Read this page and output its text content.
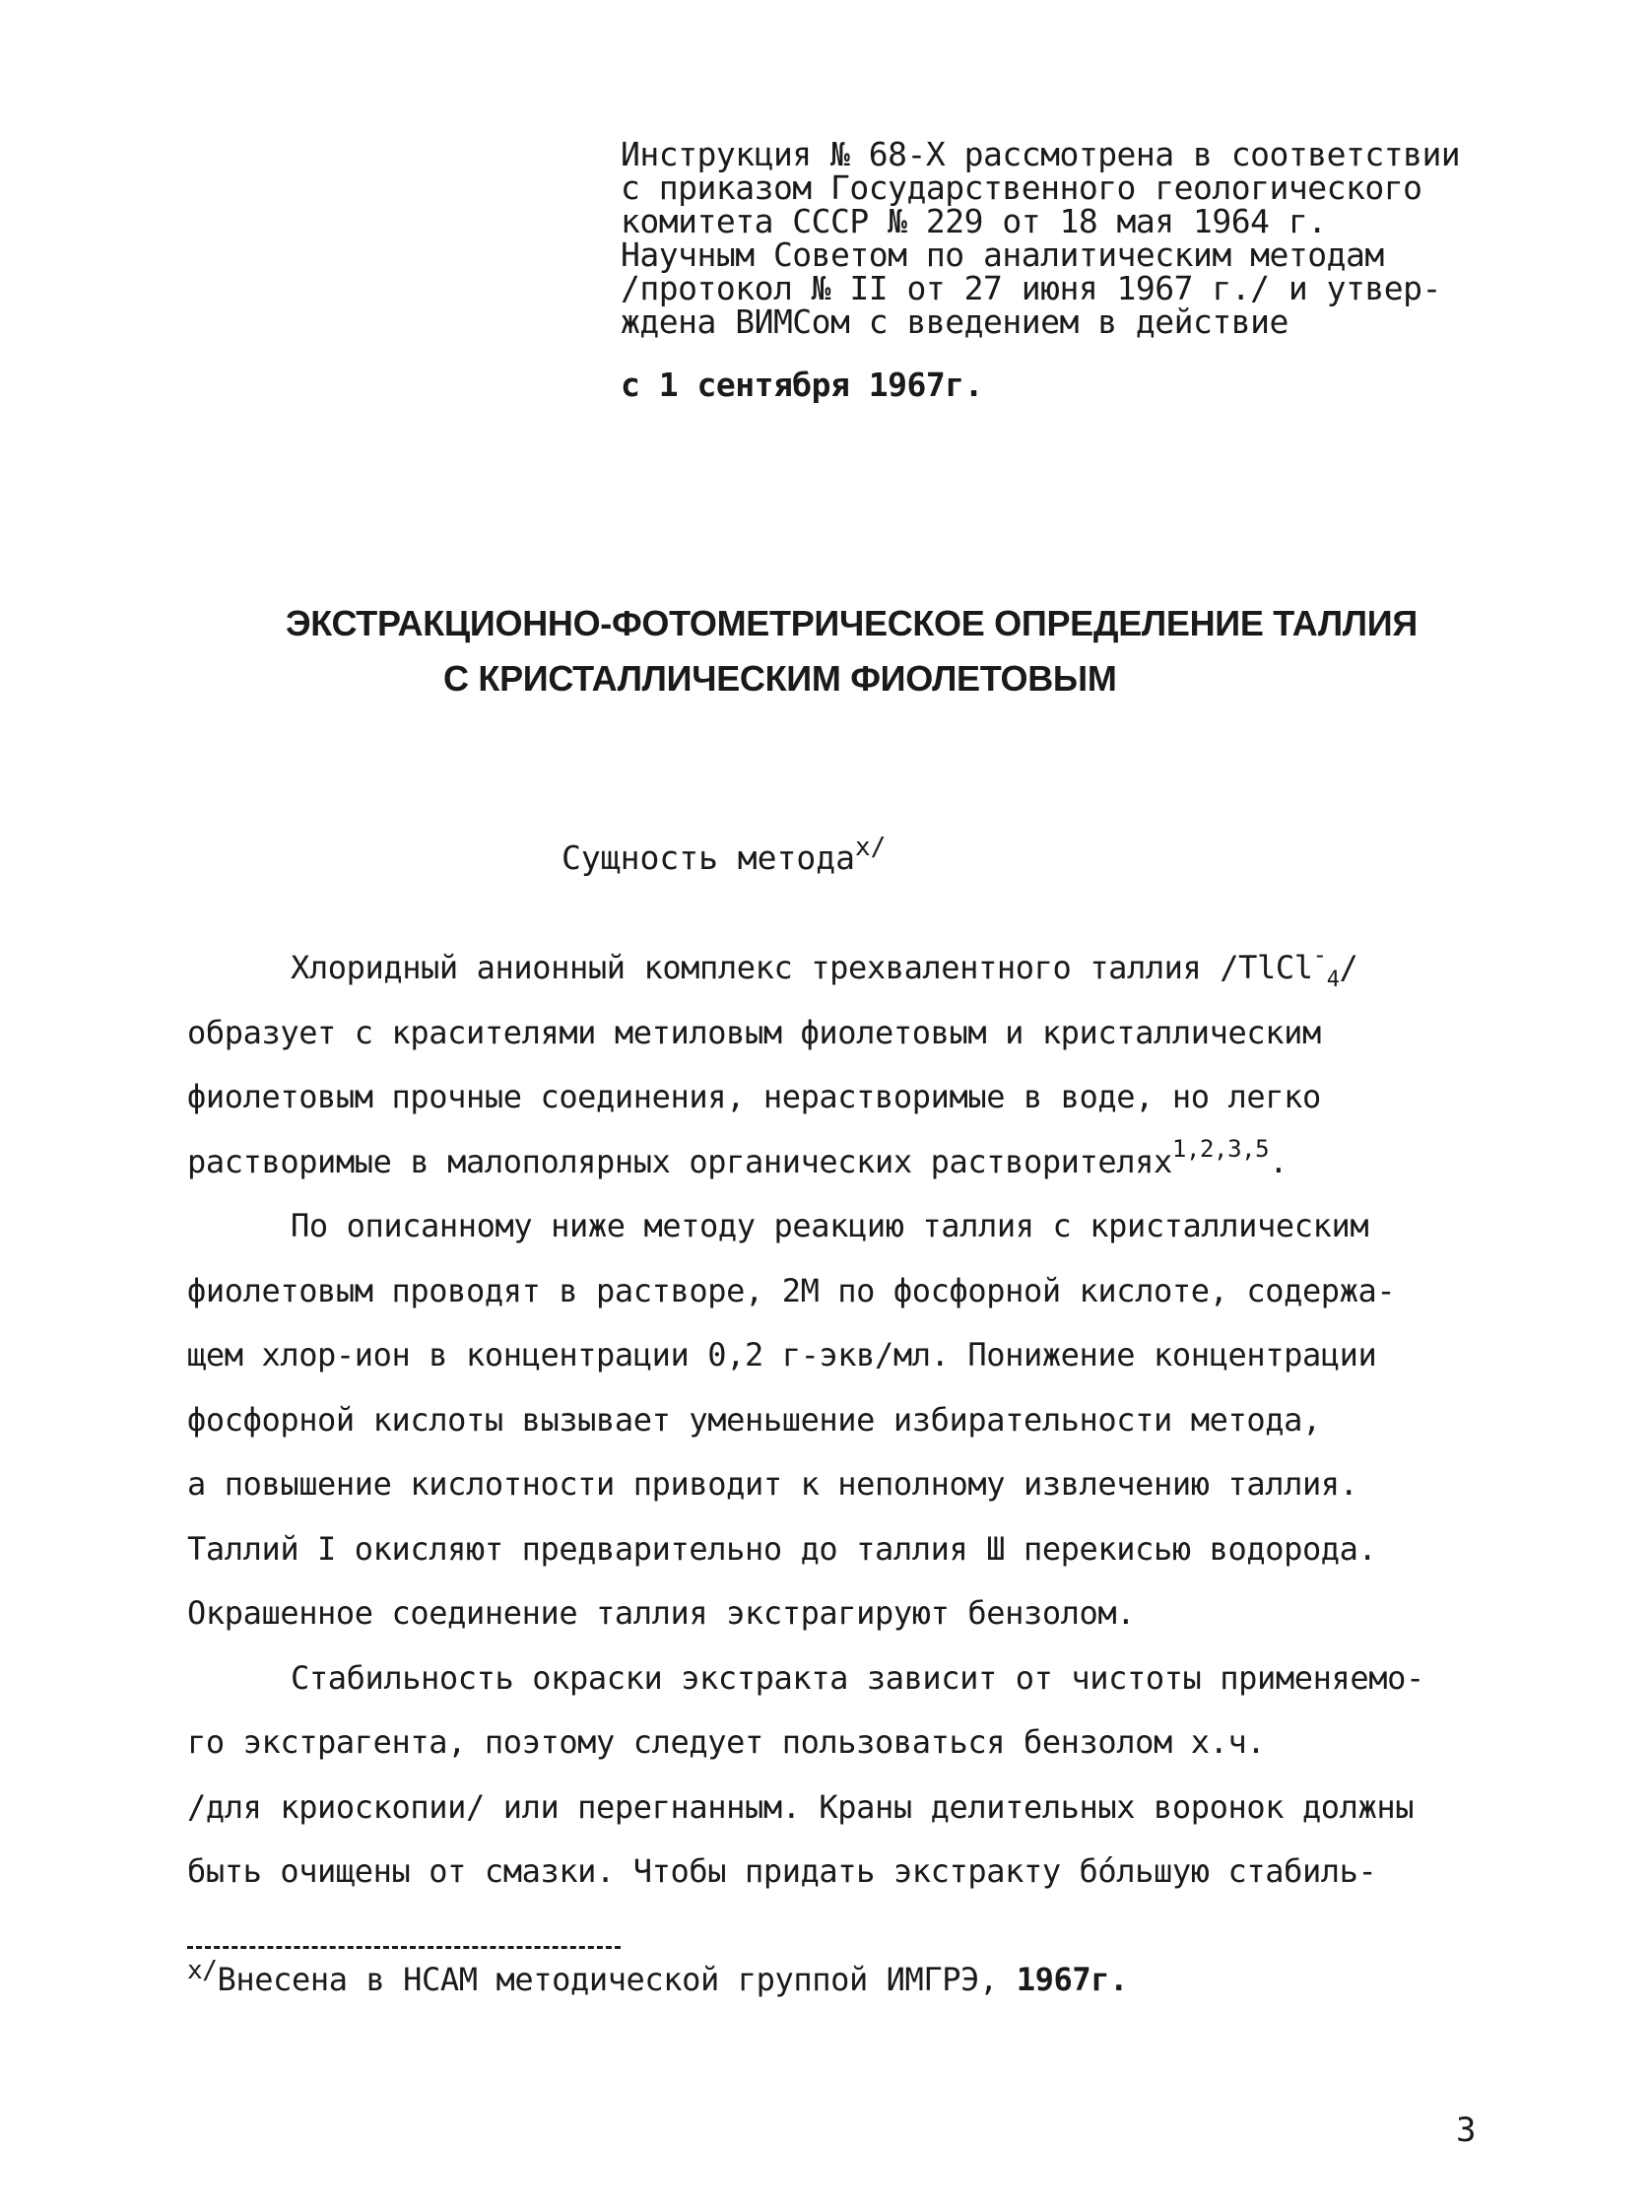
Инструкция № 68-Х рассмотрена в соответствии
с приказом Государственного геологического
комитета СССР № 229 от 18 мая 1964 г.
Научным Советом по аналитическим методам
/протокол № II от 27 июня 1967 г./ и утвер-
ждена ВИМСом с введением в действие
с 1 сентября 1967г.
ЭКСТРАКЦИОННО-ФОТОМЕТРИЧЕСКОЕ ОПРЕДЕЛЕНИЕ ТАЛЛИЯ
С КРИСТАЛЛИЧЕСКИМ ФИОЛЕТОВЫМ
Сущность метода$^{x/}$
Хлоридный анионный комплекс трехвалентного таллия /TlCl-$_4$/
образует с красителями метиловым фиолетовым и кристаллическим
фиолетовым прочные соединения, нерастворимые в воде, но легко
растворимые в малополярных органических растворителях$^{1,2,3,5}$.
По описанному ниже методу реакцию таллия с кристаллическим
фиолетовым проводят в растворе, 2М по фосфорной кислоте, содержа-
щем хлор-ион в концентрации 0,2 г-экв/мл. Понижение концентрации
фосфорной кислоты вызывает уменьшение избирательности метода,
а повышение кислотности приводит к неполному извлечению таллия.
Таллий I окисляют предварительно до таллия Ш перекисью водорода.
Окрашенное соединение таллия экстрагируют бензолом.
Стабильность окраски экстракта зависит от чистоты применяемо-
го экстрагента, поэтому следует пользоваться бензолом х.ч.
/для криоскопии/ или перегнанным. Краны делительных воронок должны
быть очищены от смазки. Чтобы придать экстракту бо́льшую стабиль-
$^{x/}$Внесена в НСАМ методической группой ИМГРЭ, 1967г.
3
